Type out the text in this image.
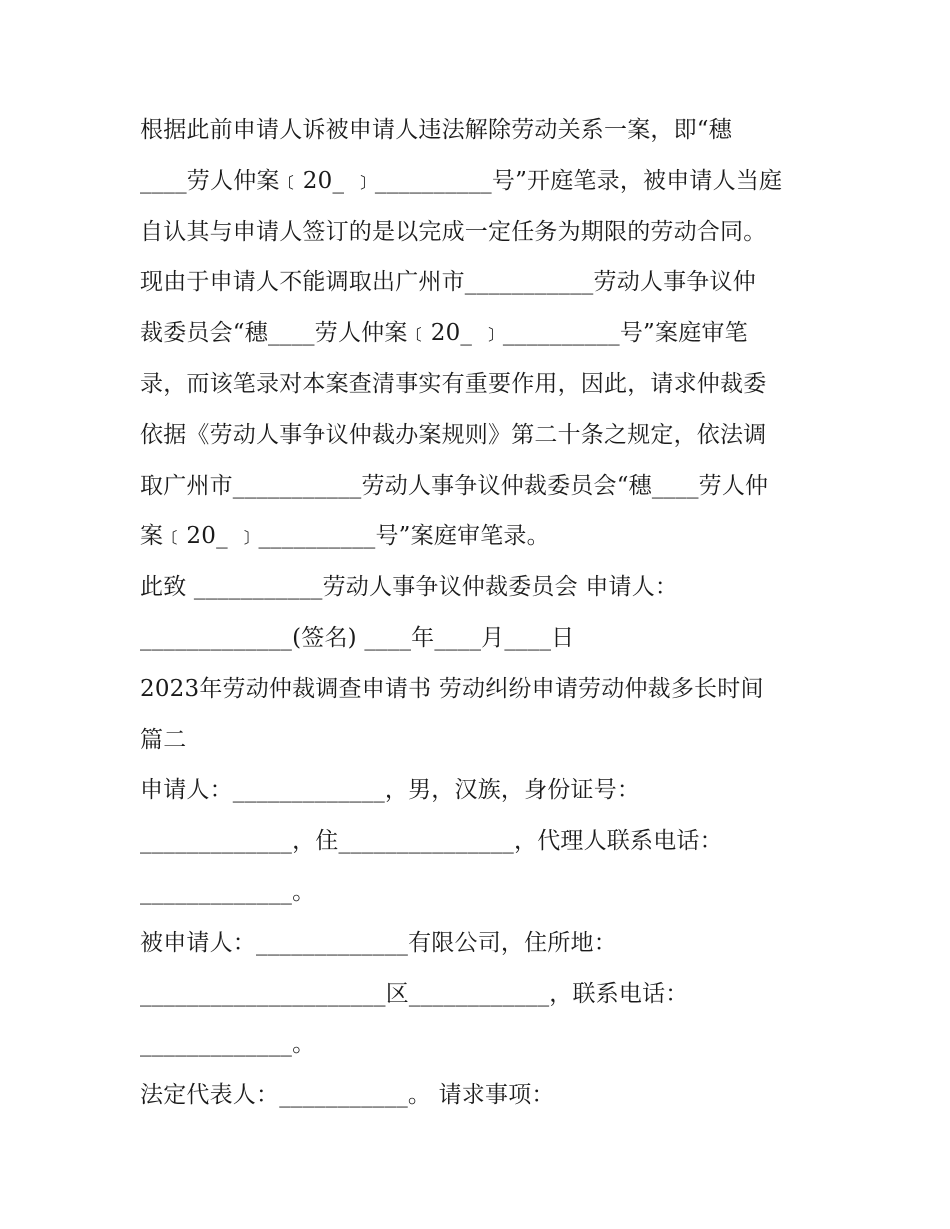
根据此前申请人诉被申请人违法解除劳动关系一案，即“穗
____劳人仲案﹝20_ ﹞__________号”开庭笔录，被申请人当庭
自认其与申请人签订的是以完成一定任务为期限的劳动合同。
现由于申请人不能调取出广州市___________劳动人事争议仲
裁委员会“穗____劳人仲案﹝20_ ﹞__________号”案庭审笔
录，而该笔录对本案查清事实有重要作用，因此，请求仲裁委
依据《劳动人事争议仲裁办案规则》第二十条之规定，依法调
取广州市___________劳动人事争议仲裁委员会“穗____劳人仲
案﹝20_ ﹞__________号”案庭审笔录。
此致 ___________劳动人事争议仲裁委员会 申请人：
_____________(签名) ____年____月____日
2023年劳动仲裁调查申请书 劳动纠纷申请劳动仲裁多长时间
篇二
申请人：_____________，男，汉族，身份证号：
_____________，住_______________，代理人联系电话：
_____________。
被申请人：_____________有限公司，住所地：
_____________________区____________，联系电话：
_____________。
法定代表人：___________。 请求事项：
